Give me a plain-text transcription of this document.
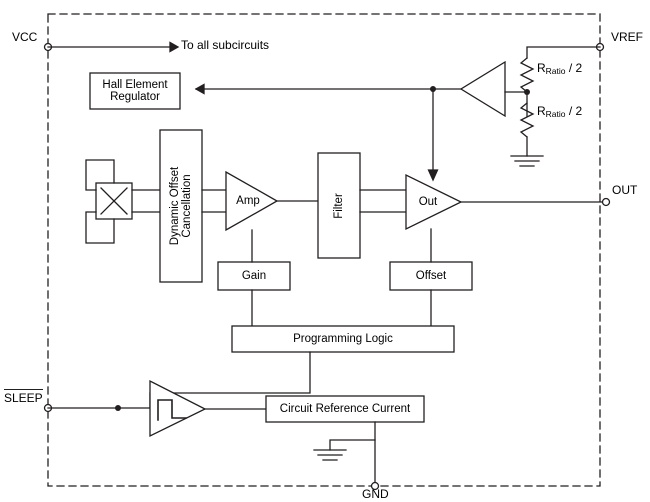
VCC	VREF
OUT
SLEEP
GND
To all subcircuits
$R_{Ratio} / 2$
$R_{Ratio} / 2$
Hall Element
Regulator
Dynamic Offset Cancellation	Amp	Filter	Out
Gain	Offset
Programming Logic
Circuit Reference Current
